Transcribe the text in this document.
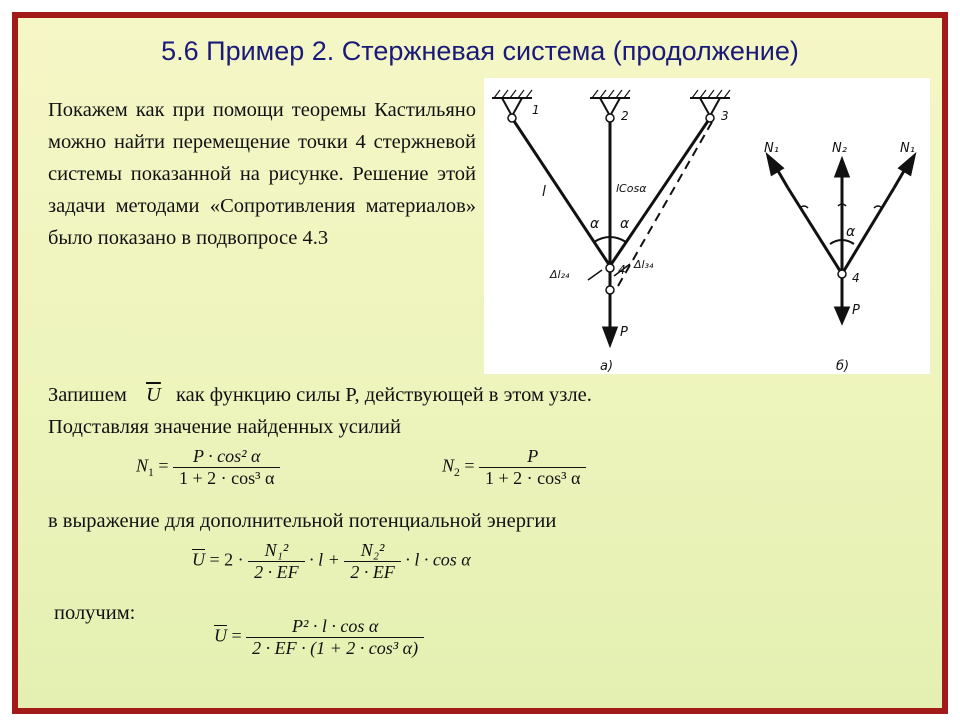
5.6 Пример 2. Стержневая система (продолжение)
Покажем как при помощи теоремы Кастильяно можно найти перемещение точки 4 стержневой системы показанной на рисунке. Решение этой задачи методами «Сопротивления материалов» было показано в подвопросе 4.3
1	2	3
l	lCosα
α α
4
Δl₂₄
Δl₃₄
P
а)
N₁	N₂	N₁
α
4
P
б)
Запишем $\overline{U}$ как функцию силы P, действующей в этом узле.
Подставляя значение найденных усилий
$N_1 = \frac{\text{P · cos² α}}{\text{1 + 2 · cos³ α}}$	$N_2 = \frac{P}{\text{1 + 2 · cos³ α}}$
в выражение для дополнительной потенциальной энергии
$\overline{U} = 2 \cdot \frac{\text{N₁²}}{2 \cdot EF} \cdot l + \frac{\text{N₂²}}{2 \cdot EF} \cdot l \cdot \cos \alpha$
получим:
$\overline{U} = \frac{\text{P² · l · cos α}}{\text{2 · EF · (1 + 2 · cos³ α)}}$
